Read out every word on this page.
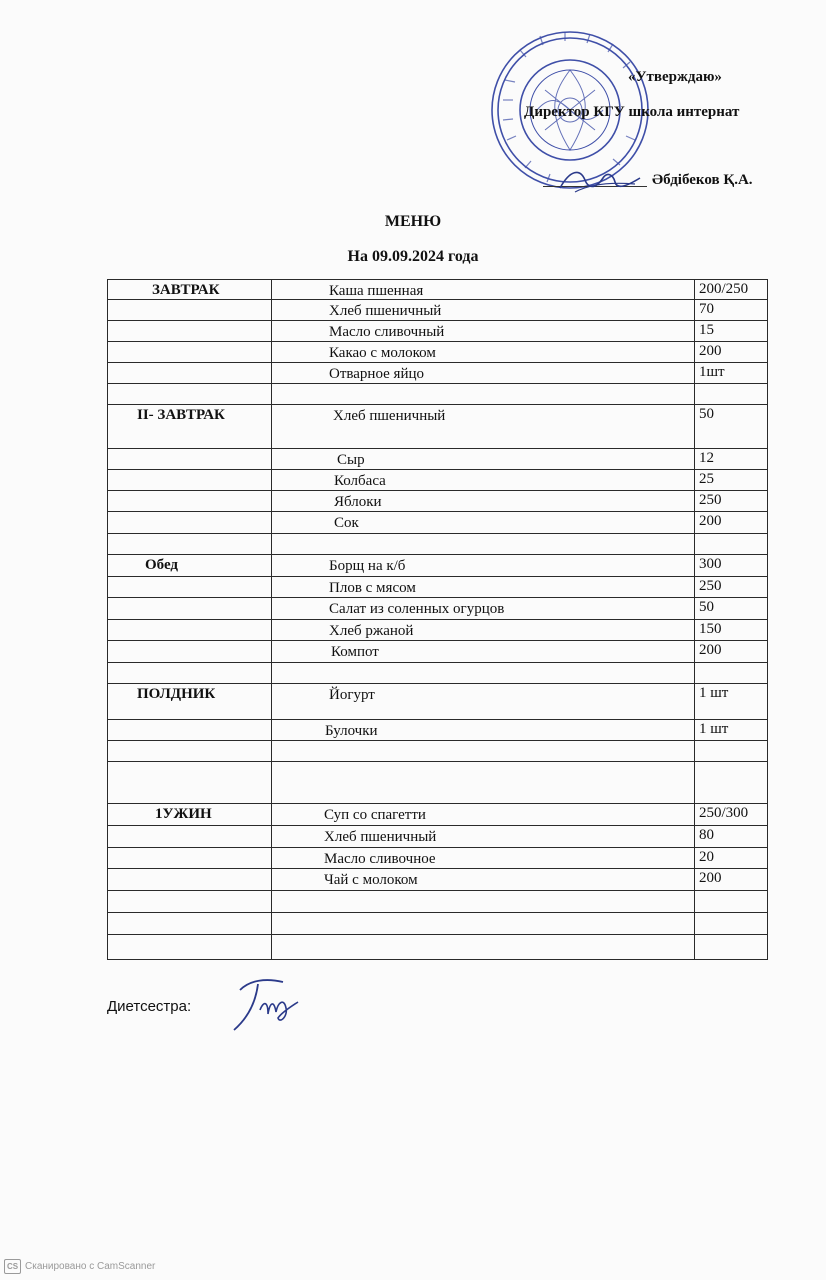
«Утверждаю»
Директор КГУ школа интернат
Әбдібеков Қ.А.
МЕНЮ
На 09.09.2024 года
ЗАВТРАК	Каша пшенная	200/250
Хлеб пшеничный	70
Масло сливочный	15
Какао с молоком	200
Отварное яйцо	1шт
II- ЗАВТРАК	Хлеб пшеничный	50
Сыр	12
Колбаса	25
Яблоки	250
Сок	200
Обед	Борщ на к/б	300
Плов с мясом	250
Салат из соленных огурцов	50
Хлеб ржаной	150
Компот	200
ПОЛДНИК	Йогурт	1 шт
Булочки	1 шт
1УЖИН	Суп со спагетти	250/300
Хлеб пшеничный	80
Масло сливочное	20
Чай с молоком	200
Диетсестра:
CS Сканировано с CamScanner
